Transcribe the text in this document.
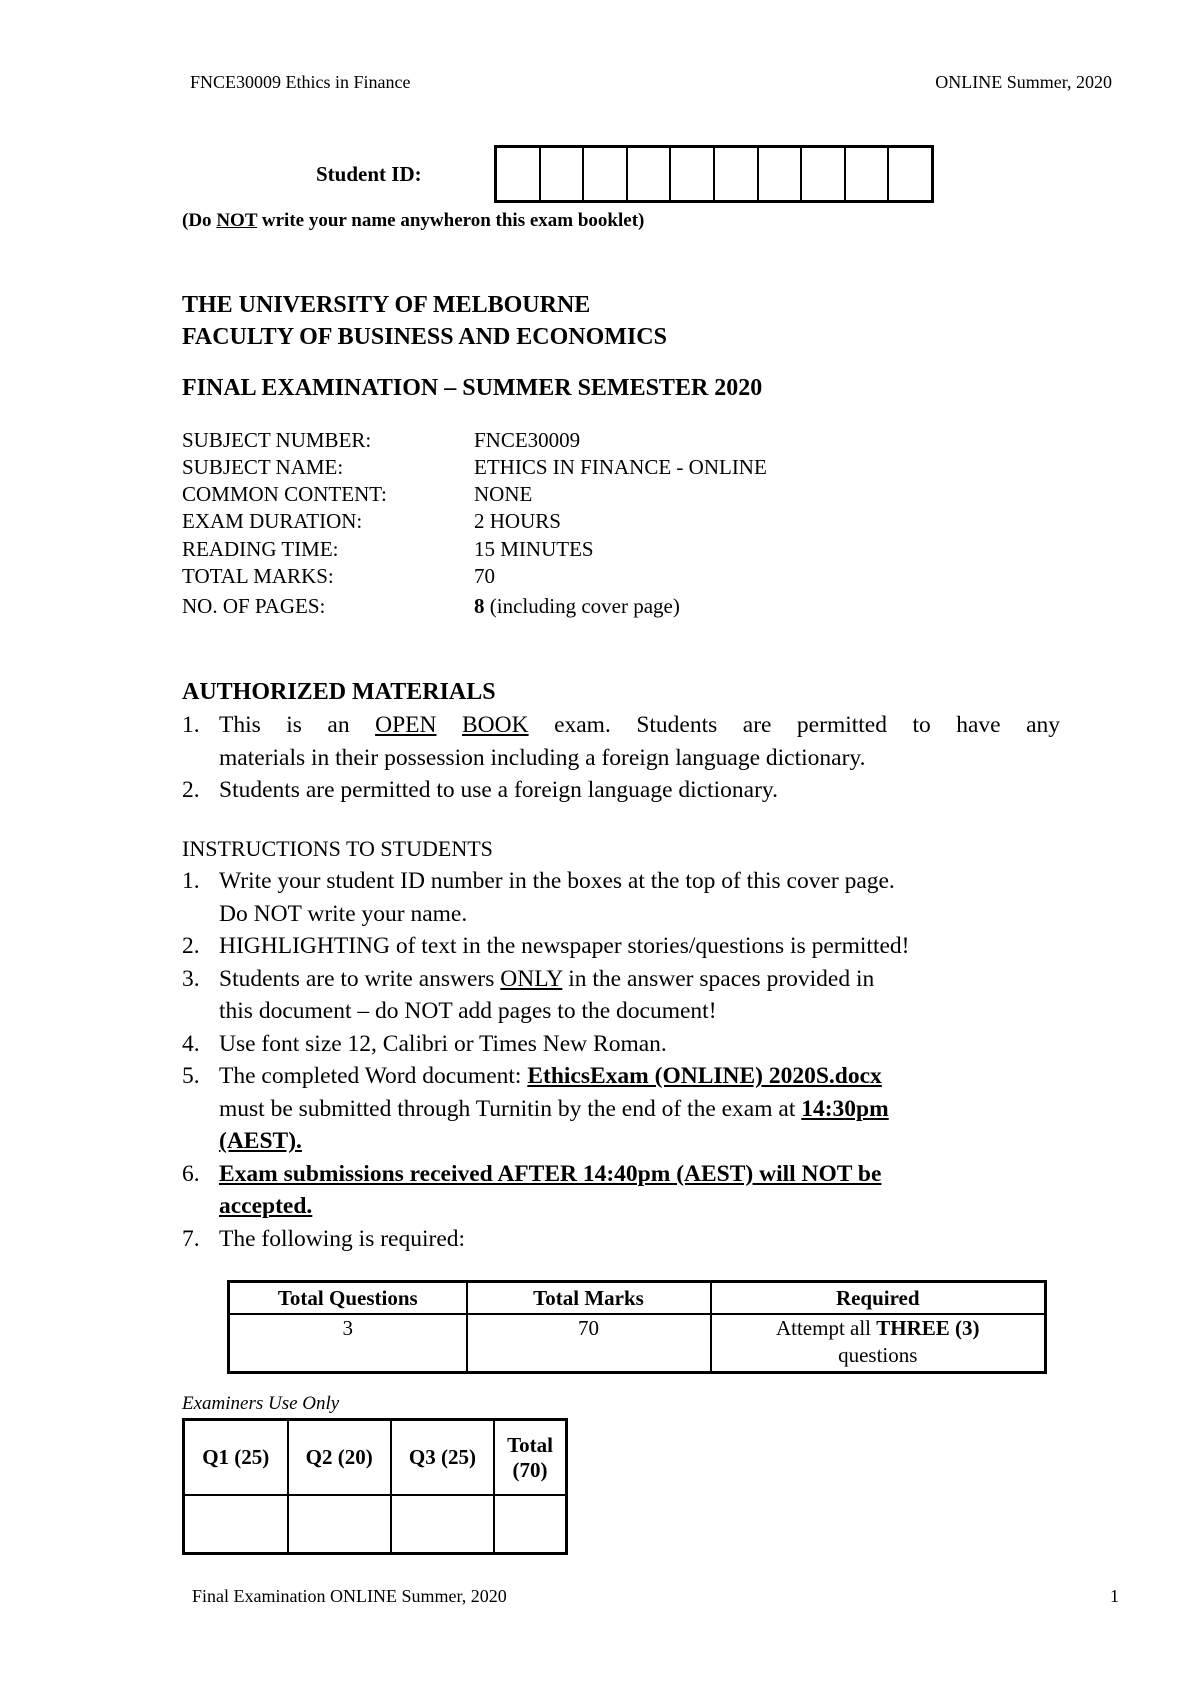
FNCE30009 Ethics in Finance	ONLINE Summer, 2020
Student ID:
(Do NOT write your name anywheron this exam booklet)
THE UNIVERSITY OF MELBOURNE
FACULTY OF BUSINESS AND ECONOMICS
FINAL EXAMINATION – SUMMER SEMESTER 2020
SUBJECT NUMBER:	FNCE30009
SUBJECT NAME:	ETHICS IN FINANCE - ONLINE
COMMON CONTENT:	NONE
EXAM DURATION:	2 HOURS
READING TIME:	15 MINUTES
TOTAL MARKS:	70
NO. OF PAGES:	8 (including cover page)
AUTHORIZED MATERIALS
1. This is an OPEN BOOK exam. Students are permitted to have any
materials in their possession including a foreign language dictionary.
2. Students are permitted to use a foreign language dictionary.
INSTRUCTIONS TO STUDENTS
1. Write your student ID number in the boxes at the top of this cover page.
Do NOT write your name.
2. HIGHLIGHTING of text in the newspaper stories/questions is permitted!
3. Students are to write answers ONLY in the answer spaces provided in
this document – do NOT add pages to the document!
4. Use font size 12, Calibri or Times New Roman.
5. The completed Word document: EthicsExam (ONLINE) 2020S.docx
must be submitted through Turnitin by the end of the exam at 14:30pm
(AEST).
6. Exam submissions received AFTER 14:40pm (AEST) will NOT be
accepted.
7. The following is required:
Total Questions	Total Marks	Required
3	70	Attempt all THREE (3)
questions
Examiners Use Only
Q1 (25)	Q2 (20)	Q3 (25)	Total
(70)

Final Examination ONLINE Summer, 2020	1
